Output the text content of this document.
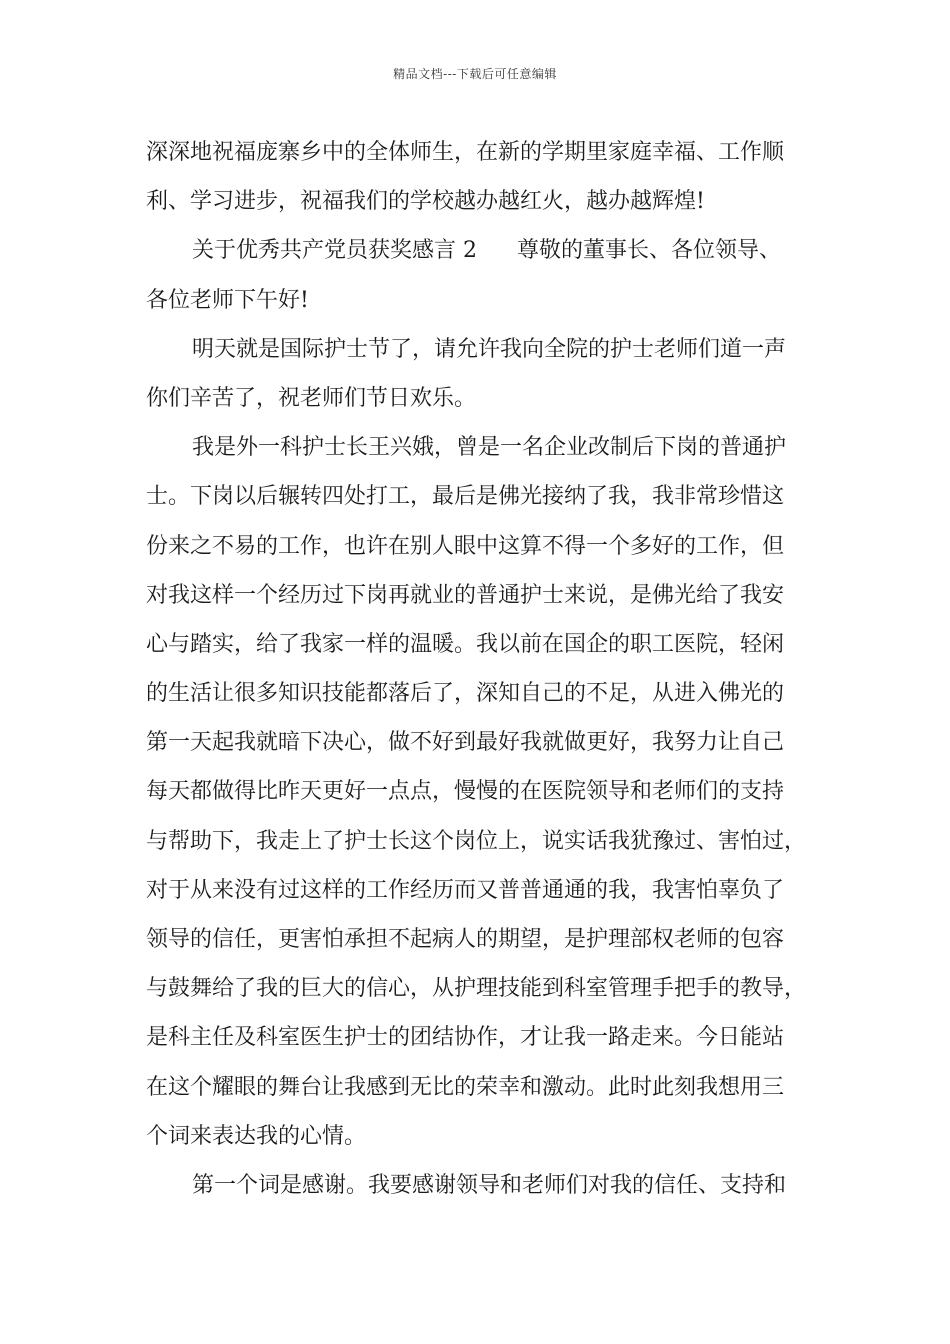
精品文档---下载后可任意编辑
深深地祝福庞寨乡中的全体师生，在新的学期里家庭幸福、工作顺
利、学习进步，祝福我们的学校越办越红火，越办越辉煌!
关于优秀共产党员获奖感言 2 尊敬的董事长、各位领导、
各位老师下午好!
明天就是国际护士节了，请允许我向全院的护士老师们道一声
你们辛苦了，祝老师们节日欢乐。
我是外一科护士长王兴娥，曾是一名企业改制后下岗的普通护
士。下岗以后辗转四处打工，最后是佛光接纳了我，我非常珍惜这
份来之不易的工作，也许在别人眼中这算不得一个多好的工作，但
对我这样一个经历过下岗再就业的普通护士来说，是佛光给了我安
心与踏实，给了我家一样的温暖。我以前在国企的职工医院，轻闲
的生活让很多知识技能都落后了，深知自己的不足，从进入佛光的
第一天起我就暗下决心，做不好到最好我就做更好，我努力让自己
每天都做得比昨天更好一点点，慢慢的在医院领导和老师们的支持
与帮助下，我走上了护士长这个岗位上，说实话我犹豫过、害怕过，
对于从来没有过这样的工作经历而又普普通通的我，我害怕辜负了
领导的信任，更害怕承担不起病人的期望，是护理部权老师的包容
与鼓舞给了我的巨大的信心，从护理技能到科室管理手把手的教导，
是科主任及科室医生护士的团结协作，才让我一路走来。今日能站
在这个耀眼的舞台让我感到无比的荣幸和激动。此时此刻我想用三
个词来表达我的心情。
第一个词是感谢。我要感谢领导和老师们对我的信任、支持和
